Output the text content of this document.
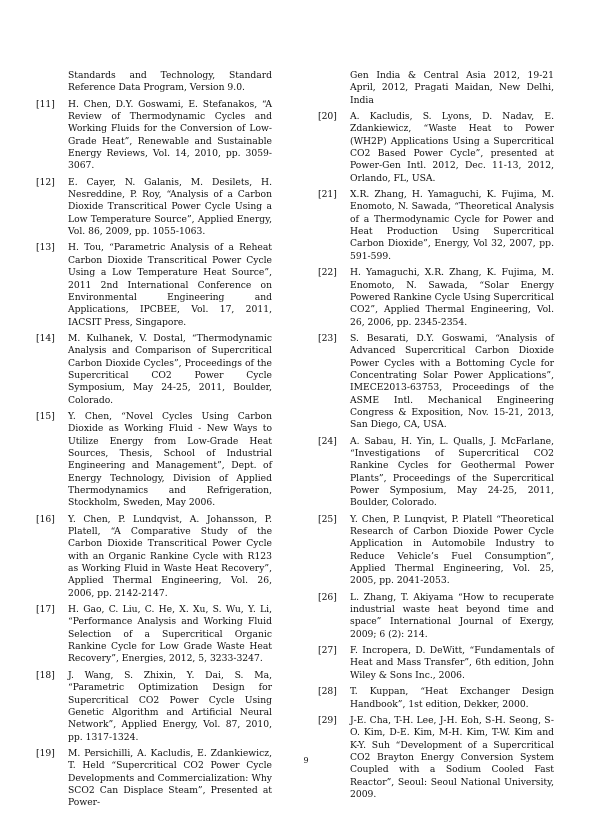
Standards and Technology, Standard Reference Data Program, Version 9.0.
[11]	H. Chen, D.Y. Goswami, E. Stefanakos, “A Review of Thermodynamic Cycles and Working Fluids for the Conversion of Low-Grade Heat”, Renewable and Sustainable Energy Reviews, Vol. 14, 2010, pp. 3059-3067.
[12]	E. Cayer, N. Galanis, M. Desilets, H. Nesreddine, P. Roy, “Analysis of a Carbon Dioxide Transcritical Power Cycle Using a Low Temperature Source”, Applied Energy, Vol. 86, 2009, pp. 1055-1063.
[13]	H. Tou, “Parametric Analysis of a Reheat Carbon Dioxide Transcritical Power Cycle Using a Low Temperature Heat Source”, 2011 2nd International Conference on Environmental Engineering and Applications, IPCBEE, Vol. 17, 2011, IACSIT Press, Singapore.
[14]	M. Kulhanek, V. Dostal, “Thermodynamic Analysis and Comparison of Supercritical Carbon Dioxide Cycles”, Proceedings of the Supercritical CO2 Power Cycle Symposium, May 24-25, 2011, Boulder, Colorado.
[15]	Y. Chen, “Novel Cycles Using Carbon Dioxide as Working Fluid - New Ways to Utilize Energy from Low-Grade Heat Sources, Thesis, School of Industrial Engineering and Management”, Dept. of Energy Technology, Division of Applied Thermodynamics and Refrigeration, Stockholm, Sweden, May 2006.
[16]	Y. Chen, P. Lundqvist, A. Johansson, P. Platell, “A Comparative Study of the Carbon Dioxide Transcritical Power Cycle with an Organic Rankine Cycle with R123 as Working Fluid in Waste Heat Recovery”, Applied Thermal Engineering, Vol. 26, 2006, pp. 2142-2147.
[17]	H. Gao, C. Liu, C. He, X. Xu, S. Wu, Y. Li, “Performance Analysis and Working Fluid Selection of a Supercritical Organic Rankine Cycle for Low Grade Waste Heat Recovery”, Energies, 2012, 5, 3233-3247.
[18]	J. Wang, S. Zhixin, Y. Dai, S. Ma, “Parametric Optimization Design for Supercritical CO2 Power Cycle Using Genetic Algorithm and Artificial Neural Network”, Applied Energy, Vol. 87, 2010, pp. 1317-1324.
[19]	M. Persichilli, A. Kacludis, E. Zdankiewicz, T. Held “Supercritical CO2 Power Cycle Developments and Commercialization: Why SCO2 Can Displace Steam”, Presented at Power-
Gen India & Central Asia 2012, 19-21 April, 2012, Pragati Maidan, New Delhi, India
[20]	A. Kacludis, S. Lyons, D. Nadav, E. Zdankiewicz, “Waste Heat to Power (WH2P) Applications Using a Supercritical CO2 Based Power Cycle”, presented at Power-Gen Intl. 2012, Dec. 11-13, 2012, Orlando, FL, USA.
[21]	X.R. Zhang, H. Yamaguchi, K. Fujima, M. Enomoto, N. Sawada, “Theoretical Analysis of a Thermodynamic Cycle for Power and Heat Production Using Supercritical Carbon Dioxide”, Energy, Vol 32, 2007, pp. 591-599.
[22]	H. Yamaguchi, X.R. Zhang, K. Fujima, M. Enomoto, N. Sawada, “Solar Energy Powered Rankine Cycle Using Supercritical CO2”, Applied Thermal Engineering, Vol. 26, 2006, pp. 2345-2354.
[23]	S. Besarati, D.Y. Goswami, “Analysis of Advanced Supercritical Carbon Dioxide Power Cycles with a Bottoming Cycle for Concentrating Solar Power Applications”, IMECE2013-63753, Proceedings of the ASME Intl. Mechanical Engineering Congress & Exposition, Nov. 15-21, 2013, San Diego, CA, USA.
[24]	A. Sabau, H. Yin, L. Qualls, J. McFarlane, “Investigations of Supercritical CO2 Rankine Cycles for Geothermal Power Plants”, Proceedings of the Supercritical Power Symposium, May 24-25, 2011, Boulder, Colorado.
[25]	Y. Chen, P. Lunqvist, P. Platell “Theoretical Research of Carbon Dioxide Power Cycle Application in Automobile Industry to Reduce Vehicle’s Fuel Consumption”, Applied Thermal Engineering, Vol. 25, 2005, pp. 2041-2053.
[26]	L. Zhang, T. Akiyama “How to recuperate industrial waste heat beyond time and space” International Journal of Exergy, 2009; 6 (2): 214.
[27]	F. Incropera, D. DeWitt, “Fundamentals of Heat and Mass Transfer”, 6th edition, John Wiley & Sons Inc., 2006.
[28]	T. Kuppan, “Heat Exchanger Design Handbook”, 1st edition, Dekker, 2000.
[29]	J-E. Cha, T-H. Lee, J-H. Eoh, S-H. Seong, S-O. Kim, D-E. Kim, M-H. Kim, T-W. Kim and K-Y. Suh “Development of a Supercritical CO2 Brayton Energy Conversion System Coupled with a Sodium Cooled Fast Reactor”, Seoul: Seoul National University, 2009.
9
